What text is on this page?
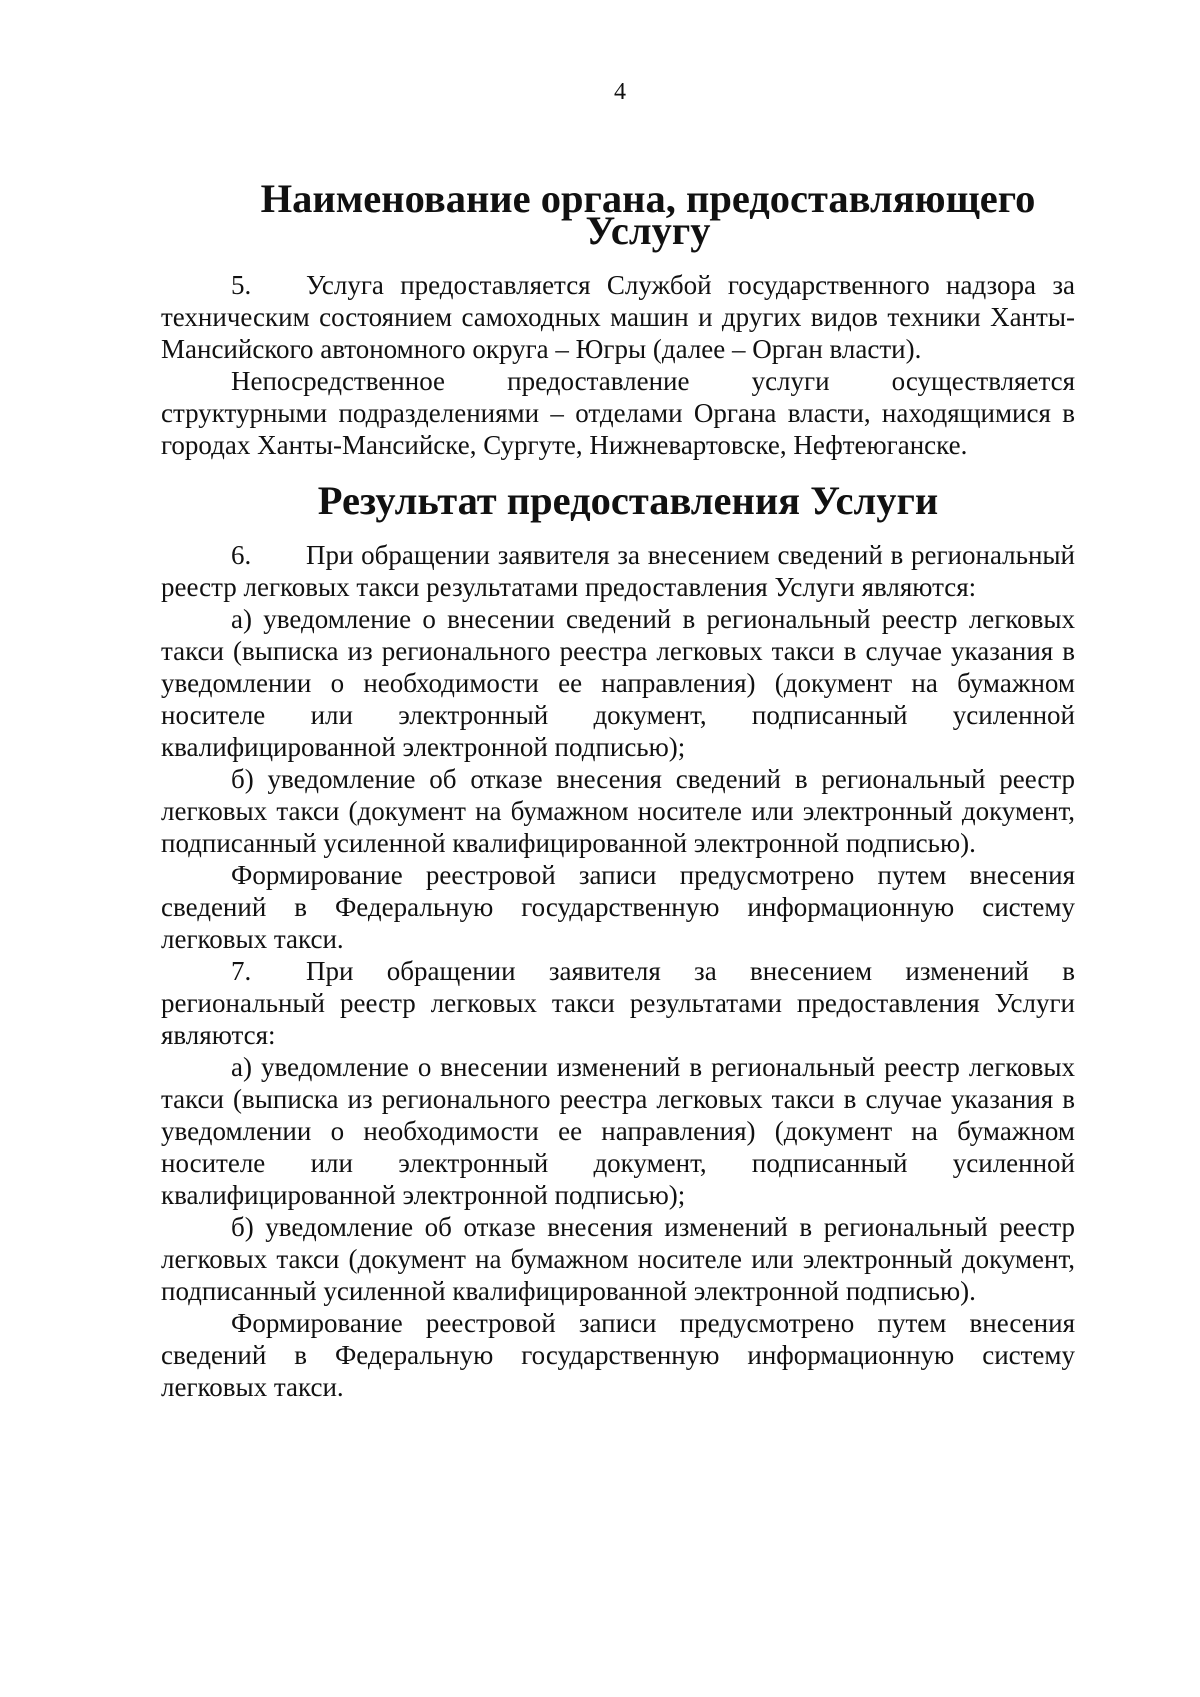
4
Наименование органа, предоставляющего Услугу

5. Услуга предоставляется Службой государственного надзора за техническим состоянием самоходных машин и других видов техники Ханты-Мансийского автономного округа – Югры (далее – Орган власти).

Непосредственное предоставление услуги осуществляется структурными подразделениями – отделами Органа власти, находящимися в городах Ханты-Мансийске, Сургуте, Нижневартовске, Нефтеюганске.

Результат предоставления Услуги

6. При обращении заявителя за внесением сведений в региональный реестр легковых такси результатами предоставления Услуги являются:

а) уведомление о внесении сведений в региональный реестр легковых такси (выписка из регионального реестра легковых такси в случае указания в уведомлении о необходимости ее направления) (документ на бумажном носителе или электронный документ, подписанный усиленной квалифицированной электронной подписью);

б) уведомление об отказе внесения сведений в региональный реестр легковых такси (документ на бумажном носителе или электронный документ, подписанный усиленной квалифицированной электронной подписью).

Формирование реестровой записи предусмотрено путем внесения сведений в Федеральную государственную информационную систему легковых такси.

7. При обращении заявителя за внесением изменений в региональный реестр легковых такси результатами предоставления Услуги являются:

а) уведомление о внесении изменений в региональный реестр легковых такси (выписка из регионального реестра легковых такси в случае указания в уведомлении о необходимости ее направления) (документ на бумажном носителе или электронный документ, подписанный усиленной квалифицированной электронной подписью);

б) уведомление об отказе внесения изменений в региональный реестр легковых такси (документ на бумажном носителе или электронный документ, подписанный усиленной квалифицированной электронной подписью).

Формирование реестровой записи предусмотрено путем внесения сведений в Федеральную государственную информационную систему легковых такси.
